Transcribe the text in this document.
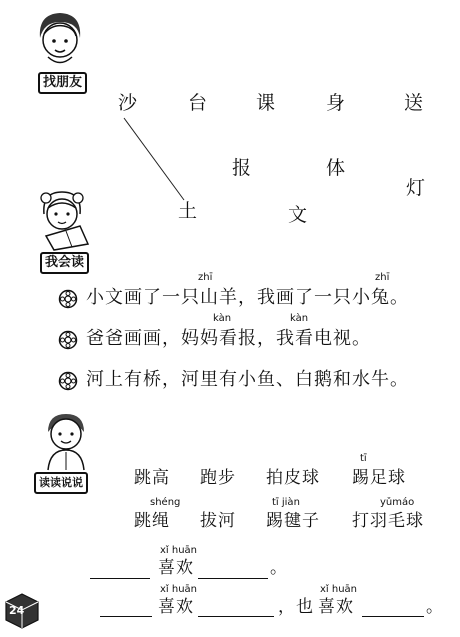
找朋友
沙	台	课	身	送
报	体
灯
土	文
我会读
zhī	zhī
小文画了一只山羊，我画了一只小兔。
kàn	kàn
爸爸画画，妈妈看报，我看电视。
河上有桥，河里有小鱼、白鹅和水牛。
读读说说
tī
跳高 跑步 拍皮球 踢足球
shéng	tī jiàn	yǔmáo
跳绳 拔河 踢毽子 打羽毛球
xǐ huān
喜欢	。
xǐ huān	xǐ huān
喜欢	，也 喜欢	。
24
